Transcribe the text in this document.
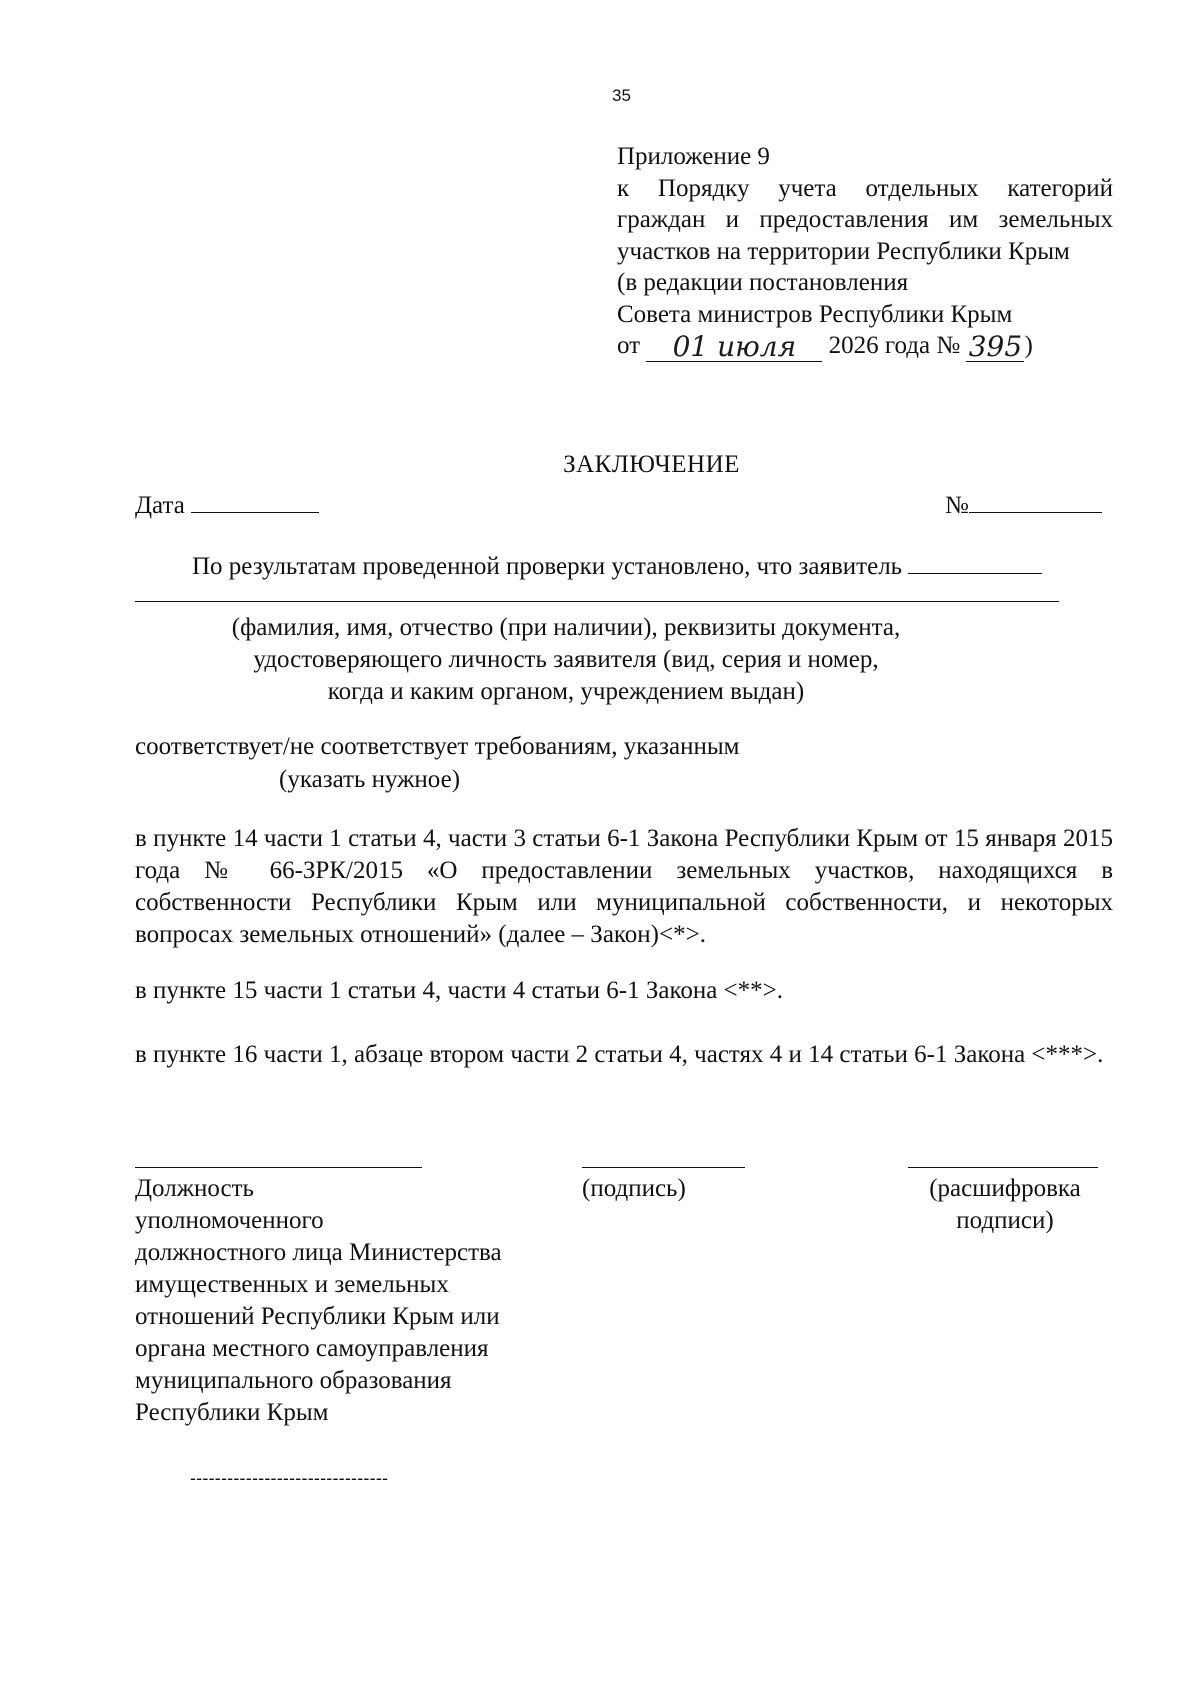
35
Приложение 9
к Порядку учета отдельных категорий
граждан и предоставления им земельных
участков на территории Республики Крым
(в редакции постановления
Совета министров Республики Крым
от 01 июля 2026 года № 395)
ЗАКЛЮЧЕНИЕ
Дата	№
По результатам проведенной проверки установлено, что заявитель
(фамилия, имя, отчество (при наличии), реквизиты документа,
удостоверяющего личность заявителя (вид, серия и номер,
когда и каким органом, учреждением выдан)
соответствует/не соответствует требованиям, указанным
(указать нужное)
в пункте 14 части 1 статьи 4, части 3 статьи 6-1 Закона Республики Крым от 15 января 2015 года № 66-ЗРК/2015 «О предоставлении земельных участков, находящихся в собственности Республики Крым или муниципальной собственности, и некоторых вопросах земельных отношений» (далее – Закон)<*>.
в пункте 15 части 1 статьи 4, части 4 статьи 6-1 Закона <**>.
в пункте 16 части 1, абзаце втором части 2 статьи 4, частях 4 и 14 статьи 6-1 Закона <***>.
Должность
уполномоченного
должностного лица Министерства
имущественных и земельных
отношений Республики Крым или
органа местного самоуправления
муниципального образования
Республики Крым
(подпись)	(расшифровка
подписи)
--------------------------------
